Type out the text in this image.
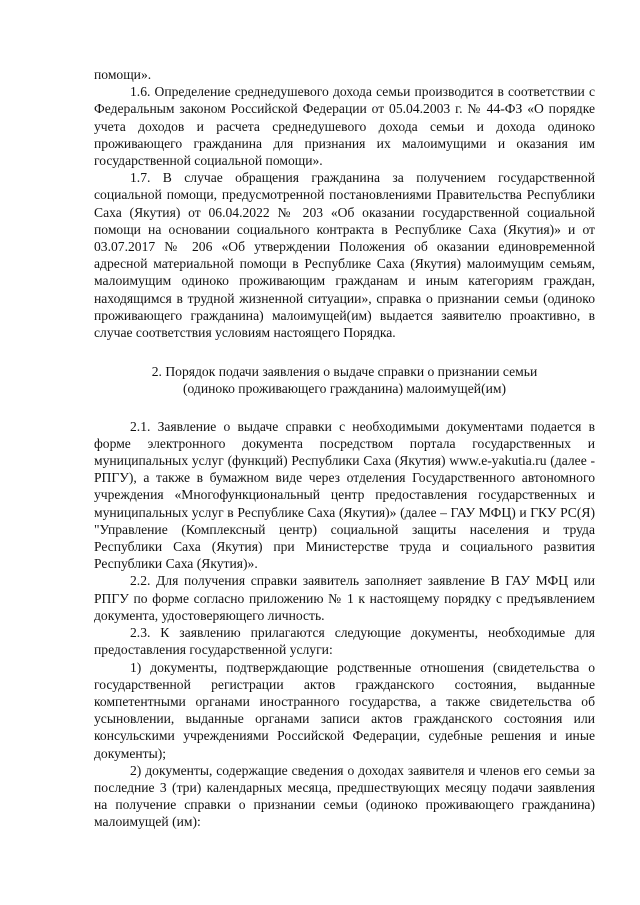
помощи».

1.6. Определение среднедушевого дохода семьи производится в соответствии с Федеральным законом Российской Федерации от 05.04.2003 г. № 44-ФЗ «О порядке учета доходов и расчета среднедушевого дохода семьи и дохода одиноко проживающего гражданина для признания их малоимущими и оказания им государственной социальной помощи».

1.7. В случае обращения гражданина за получением государственной социальной помощи, предусмотренной постановлениями Правительства Республики Саха (Якутия) от 06.04.2022 № 203 «Об оказании государственной социальной помощи на основании социального контракта в Республике Саха (Якутия)» и от 03.07.2017 № 206 «Об утверждении Положения об оказании единовременной адресной материальной помощи в Республике Саха (Якутия) малоимущим семьям, малоимущим одиноко проживающим гражданам и иным категориям граждан, находящимся в трудной жизненной ситуации», справка о признании семьи (одиноко проживающего гражданина) малоимущей(им) выдается заявителю проактивно, в случае соответствия условиям настоящего Порядка.

2. Порядок подачи заявления о выдаче справки о признании семьи
(одиноко проживающего гражданина) малоимущей(им)

2.1. Заявление о выдаче справки с необходимыми документами подается в форме электронного документа посредством портала государственных и муниципальных услуг (функций) Республики Саха (Якутия) www.e-yakutia.ru (далее - РПГУ), а также в бумажном виде через отделения Государственного автономного учреждения «Многофункциональный центр предоставления государственных и муниципальных услуг в Республике Саха (Якутия)» (далее – ГАУ МФЦ) и ГКУ РС(Я) "Управление (Комплексный центр) социальной защиты населения и труда Республики Саха (Якутия) при Министерстве труда и социального развития Республики Саха (Якутия)».

2.2. Для получения справки заявитель заполняет заявление В ГАУ МФЦ или РПГУ по форме согласно приложению № 1 к настоящему порядку с предъявлением документа, удостоверяющего личность.

2.3. К заявлению прилагаются следующие документы, необходимые для предоставления государственной услуги:

1) документы, подтверждающие родственные отношения (свидетельства о государственной регистрации актов гражданского состояния, выданные компетентными органами иностранного государства, а также свидетельства об усыновлении, выданные органами записи актов гражданского состояния или консульскими учреждениями Российской Федерации, судебные решения и иные документы);

2) документы, содержащие сведения о доходах заявителя и членов его семьи за последние 3 (три) календарных месяца, предшествующих месяцу подачи заявления на получение справки о признании семьи (одиноко проживающего гражданина) малоимущей (им):
